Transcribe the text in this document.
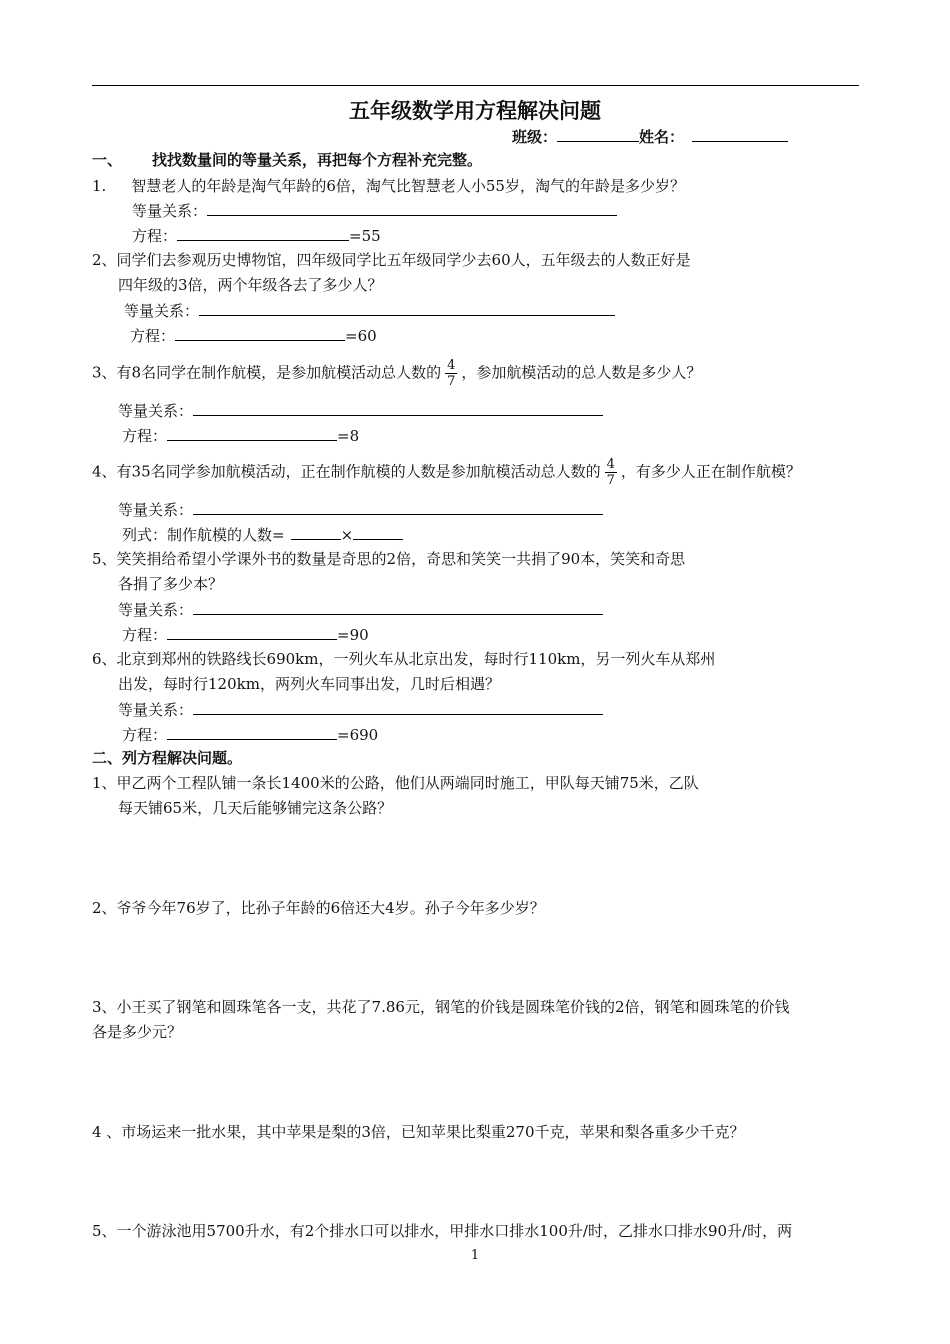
五年级数学用方程解决问题
班级：	姓名：
一、 找找数量间的等量关系，再把每个方程补充完整。
1. 智慧老人的年龄是淘气年龄的6倍，淘气比智慧老人小55岁，淘气的年龄是多少岁？
等量关系：
方程：	=55
2、同学们去参观历史博物馆，四年级同学比五年级同学少去60人，五年级去的人数正好是
四年级的3倍，两个年级各去了多少人？
等量关系：
方程：	=60
3、有8名同学在制作航模，是参加航模活动总人数的 $\frac{4}{7}$ ，参加航模活动的总人数是多少人？
等量关系：
方程：	=8
4、有35名同学参加航模活动，正在制作航模的人数是参加航模活动总人数的 $\frac{4}{7}$ ，有多少人正在制作航模？
等量关系：
列式：制作航模的人数=	×
5、笑笑捐给希望小学课外书的数量是奇思的2倍，奇思和笑笑一共捐了90本，笑笑和奇思
各捐了多少本？
等量关系：
方程：	=90
6、北京到郑州的铁路线长690km，一列火车从北京出发，每时行110km，另一列火车从郑州
出发，每时行120km，两列火车同事出发，几时后相遇？
等量关系：
方程：	=690
二、列方程解决问题。
1、甲乙两个工程队铺一条长1400米的公路，他们从两端同时施工，甲队每天铺75米，乙队
每天铺65米，几天后能够铺完这条公路？
2、爷爷今年76岁了，比孙子年龄的6倍还大4岁。孙子今年多少岁？
3、小王买了钢笔和圆珠笔各一支，共花了7.86元，钢笔的价钱是圆珠笔价钱的2倍，钢笔和圆珠笔的价钱
各是多少元？
4 、市场运来一批水果，其中苹果是梨的3倍，已知苹果比梨重270千克，苹果和梨各重多少千克？
5、一个游泳池用5700升水，有2个排水口可以排水，甲排水口排水100升/时，乙排水口排水90升/时，两
1
